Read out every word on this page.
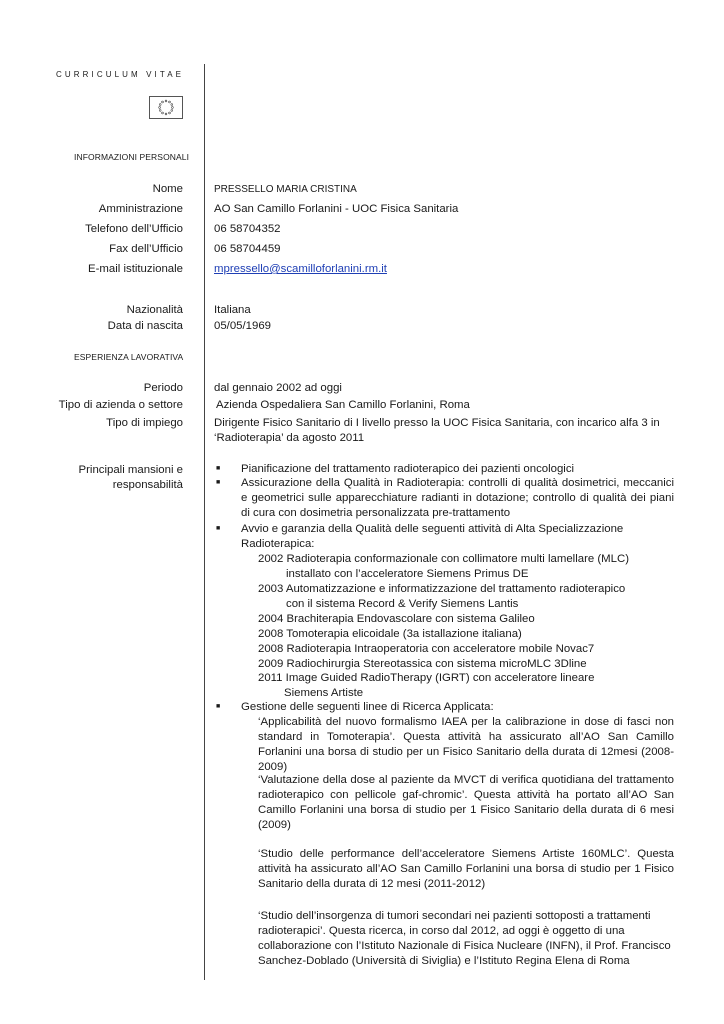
CURRICULUM VITAE
INFORMAZIONI PERSONALI
Nome	PRESSELLO MARIA CRISTINA
Amministrazione	AO San Camillo Forlanini - UOC Fisica Sanitaria
Telefono dell’Ufficio	06 58704352
Fax dell’Ufficio	06 58704459
E-mail istituzionale	mpressello@scamilloforlanini.rm.it
Nazionalità	Italiana
Data di nascita	05/05/1969
ESPERIENZA LAVORATIVA
Periodo	dal gennaio 2002 ad oggi
Tipo di azienda o settore	Azienda Ospedaliera San Camillo Forlanini, Roma
Tipo di impiego	Dirigente Fisico Sanitario di I livello presso la UOC Fisica Sanitaria, con incarico alfa 3 in
‘Radioterapia’ da agosto 2011
Principali mansioni e
responsabilità
■ Pianificazione del trattamento radioterapico dei pazienti oncologici
■ Assicurazione della Qualità in Radioterapia: controlli di qualità dosimetrici, meccanici e geometrici sulle apparecchiature radianti in dotazione; controllo di qualità dei piani di cura con dosimetria personalizzata pre-trattamento
■ Avvio e garanzia della Qualità delle seguenti attività di Alta Specializzazione
Radioterapica:
2002 Radioterapia conformazionale con collimatore multi lamellare (MLC)
installato con l’acceleratore Siemens Primus DE
2003 Automatizzazione e informatizzazione del trattamento radioterapico
con il sistema Record & Verify Siemens Lantis
2004 Brachiterapia Endovascolare con sistema Galileo
2008 Tomoterapia elicoidale (3a istallazione italiana)
2008 Radioterapia Intraoperatoria con acceleratore mobile Novac7
2009 Radiochirurgia Stereotassica con sistema microMLC 3Dline
2011 Image Guided RadioTherapy (IGRT) con acceleratore lineare
Siemens Artiste
■ Gestione delle seguenti linee di Ricerca Applicata:
‘Applicabilità del nuovo formalismo IAEA per la calibrazione in dose di fasci non standard in Tomoterapia’. Questa attività ha assicurato all’AO San Camillo Forlanini una borsa di studio per un Fisico Sanitario della durata di 12mesi (2008-2009)
‘Valutazione della dose al paziente da MVCT di verifica quotidiana del trattamento radioterapico con pellicole gaf-chromic’. Questa attività ha portato all’AO San Camillo Forlanini una borsa di studio per 1 Fisico Sanitario della durata di 6 mesi (2009)
‘Studio delle performance dell’acceleratore Siemens Artiste 160MLC’. Questa attività ha assicurato all’AO San Camillo Forlanini una borsa di studio per 1 Fisico Sanitario della durata di 12 mesi (2011-2012)
‘Studio dell’insorgenza di tumori secondari nei pazienti sottoposti a trattamenti
radioterapici’. Questa ricerca, in corso dal 2012, ad oggi è oggetto di una
collaborazione con l’Istituto Nazionale di Fisica Nucleare (INFN), il Prof. Francisco
Sanchez-Doblado (Università di Siviglia) e l’Istituto Regina Elena di Roma
